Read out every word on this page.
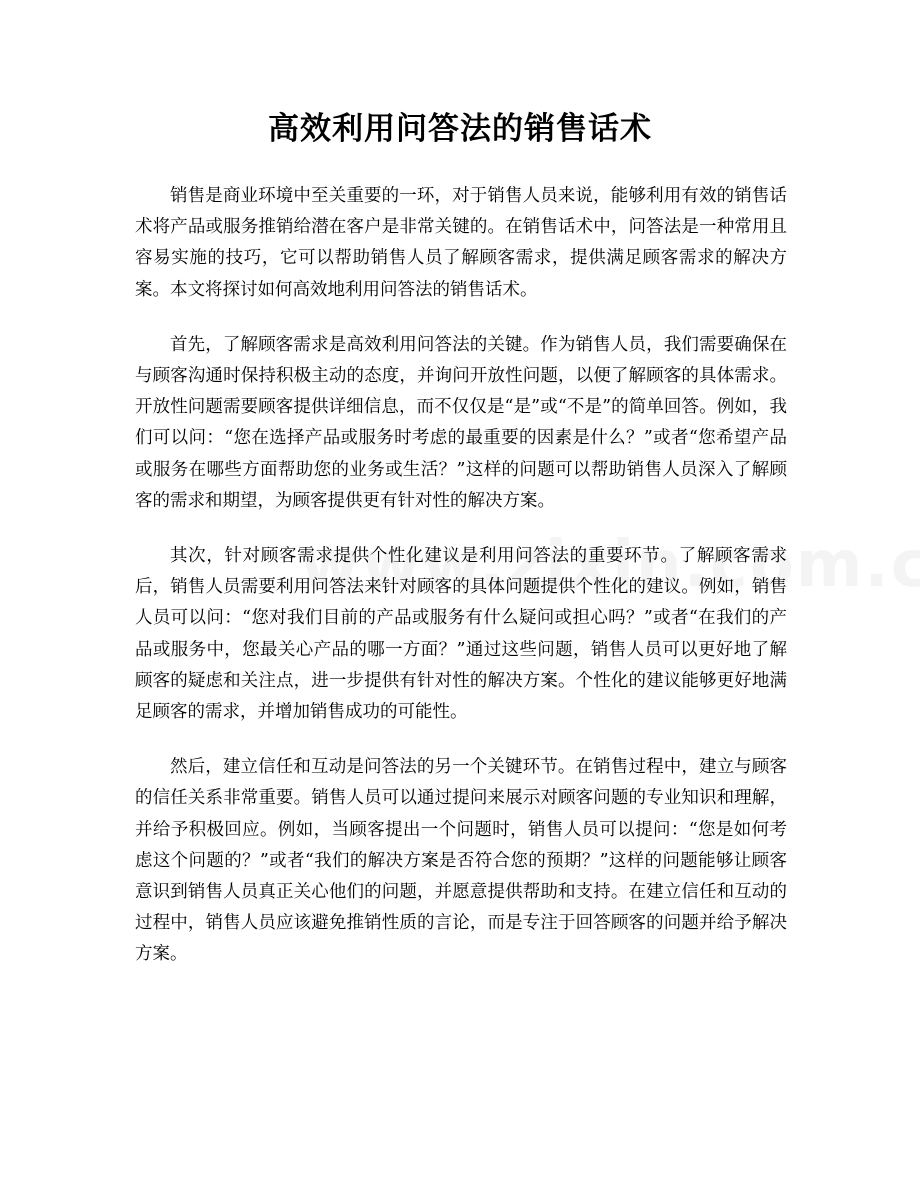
高效利用问答法的销售话术

销售是商业环境中至关重要的一环，对于销售人员来说，能够利用有效的销售话术将产品或服务推销给潜在客户是非常关键的。在销售话术中，问答法是一种常用且容易实施的技巧，它可以帮助销售人员了解顾客需求，提供满足顾客需求的解决方案。本文将探讨如何高效地利用问答法的销售话术。

首先，了解顾客需求是高效利用问答法的关键。作为销售人员，我们需要确保在与顾客沟通时保持积极主动的态度，并询问开放性问题，以便了解顾客的具体需求。开放性问题需要顾客提供详细信息，而不仅仅是“是”或“不是”的简单回答。例如，我们可以问：“您在选择产品或服务时考虑的最重要的因素是什么？”或者“您希望产品或服务在哪些方面帮助您的业务或生活？”这样的问题可以帮助销售人员深入了解顾客的需求和期望，为顾客提供更有针对性的解决方案。

其次，针对顾客需求提供个性化建议是利用问答法的重要环节。了解顾客需求后，销售人员需要利用问答法来针对顾客的具体问题提供个性化的建议。例如，销售人员可以问：“您对我们目前的产品或服务有什么疑问或担心吗？”或者“在我们的产品或服务中，您最关心产品的哪一方面？”通过这些问题，销售人员可以更好地了解顾客的疑虑和关注点，进一步提供有针对性的解决方案。个性化的建议能够更好地满足顾客的需求，并增加销售成功的可能性。

然后，建立信任和互动是问答法的另一个关键环节。在销售过程中，建立与顾客的信任关系非常重要。销售人员可以通过提问来展示对顾客问题的专业知识和理解，并给予积极回应。例如，当顾客提出一个问题时，销售人员可以提问：“您是如何考虑这个问题的？”或者“我们的解决方案是否符合您的预期？”这样的问题能够让顾客意识到销售人员真正关心他们的问题，并愿意提供帮助和支持。在建立信任和互动的过程中，销售人员应该避免推销性质的言论，而是专注于回答顾客的问题并给予解决方案。
